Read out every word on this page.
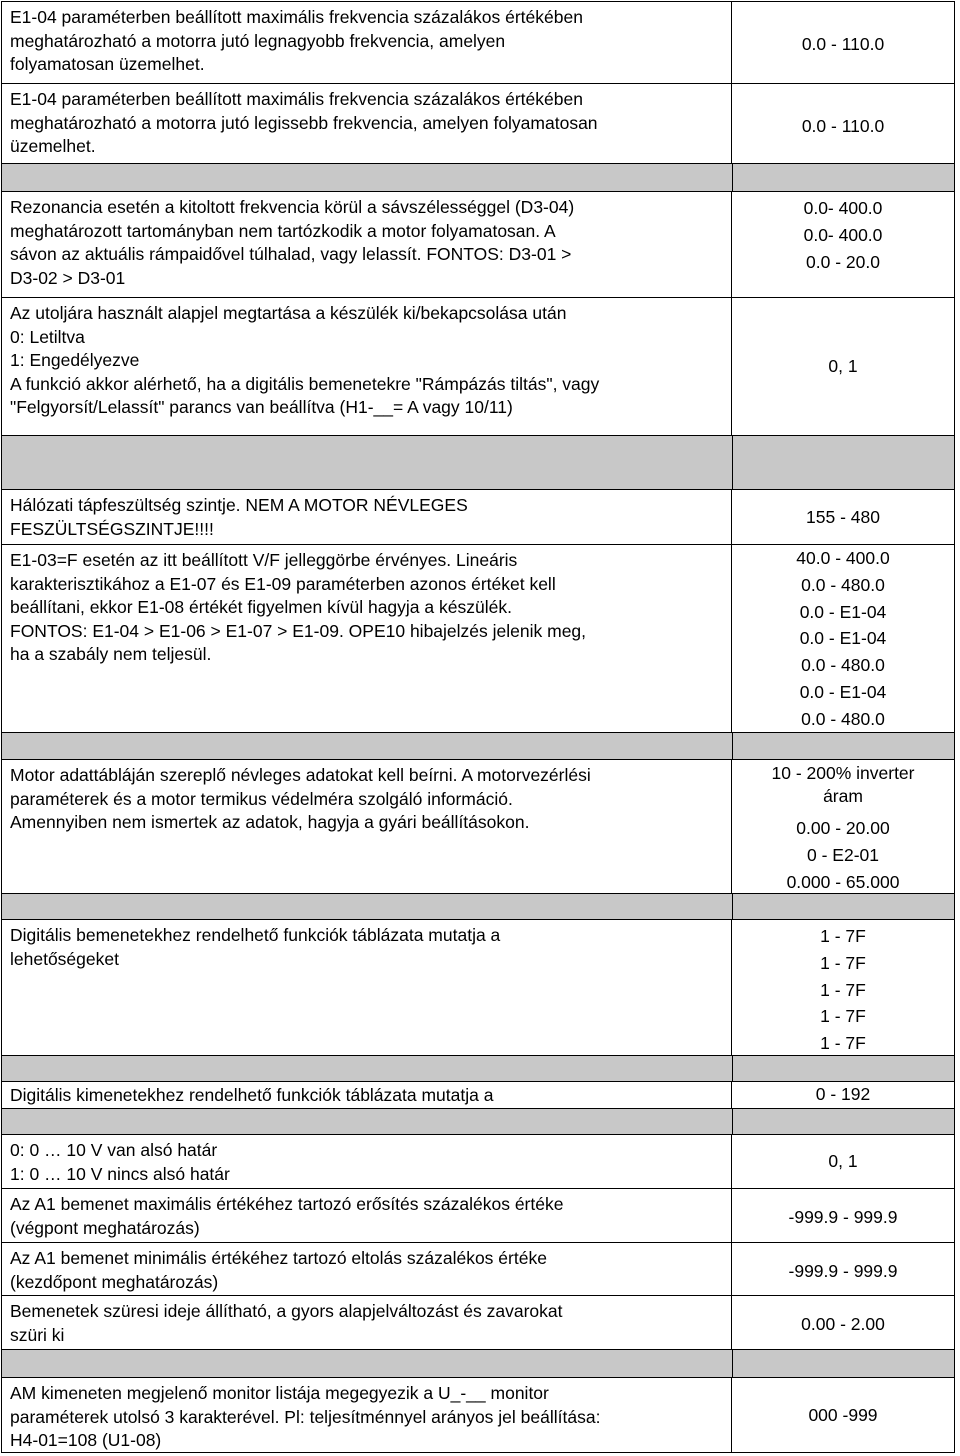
E1-04 paraméterben beállított maximális frekvencia százalákos értékében
meghatározható a motorra jutó legnagyobb frekvencia, amelyen
folyamatosan üzemelhet.
0.0 - 110.0
E1-04 paraméterben beállított maximális frekvencia százalákos értékében
meghatározható a motorra jutó legissebb frekvencia, amelyen folyamatosan
üzemelhet.
0.0 - 110.0
Rezonancia esetén a kitoltott frekvencia körül a sávszélességgel (D3-04)
meghatározott tartományban nem tartózkodik a motor folyamatosan. A
sávon az aktuális rámpaidővel túlhalad, vagy lelassít. FONTOS: D3-01 >
D3-02 > D3-01
0.0- 400.0
0.0- 400.0
0.0 - 20.0
Az utoljára használt alapjel megtartása a készülék ki/bekapcsolása után
0: Letiltva
1: Engedélyezve
A funkció akkor alérhető, ha a digitális bemenetekre "Rámpázás tiltás", vagy
"Felgyorsít/Lelassít" parancs van beállítva (H1-__= A vagy 10/11)
0, 1
Hálózati tápfeszültség szintje. NEM A MOTOR NÉVLEGES
FESZÜLTSÉGSZINTJE!!!!
155 - 480
E1-03=F esetén az itt beállított V/F jelleggörbe érvényes. Lineáris
karakterisztikához a E1-07 és E1-09 paraméterben azonos értéket kell
beállítani, ekkor E1-08 értékét figyelmen kívül hagyja a készülék.
FONTOS: E1-04 > E1-06 > E1-07 > E1-09. OPE10 hibajelzés jelenik meg,
ha a szabály nem teljesül.
40.0 - 400.0
0.0 - 480.0
0.0 - E1-04
0.0 - E1-04
0.0 - 480.0
0.0 - E1-04
0.0 - 480.0
Motor adattábláján szereplő névleges adatokat kell beírni. A motorvezérlési
paraméterek és a motor termikus védelméra szolgáló információ.
Amennyiben nem ismertek az adatok, hagyja a gyári beállításokon.
10 - 200% inverter
áram
0.00 - 20.00
0 - E2-01
0.000 - 65.000
Digitális bemenetekhez rendelhető funkciók táblázata mutatja a
lehetőségeket
1 - 7F
1 - 7F
1 - 7F
1 - 7F
1 - 7F
Digitális kimenetekhez rendelhető funkciók táblázata mutatja a	0 - 192
0: 0 … 10 V van alsó határ
1: 0 … 10 V nincs alsó határ
0, 1
Az A1 bemenet maximális értékéhez tartozó erősítés százalékos értéke
(végpont meghatározás)
-999.9 - 999.9
Az A1 bemenet minimális értékéhez tartozó eltolás százalékos értéke
(kezdőpont meghatározás)
-999.9 - 999.9
Bemenetek szüresi ideje állítható, a gyors alapjelváltozást és zavarokat
szüri ki
0.00 - 2.00
AM kimeneten megjelenő monitor listája megegyezik a U_-__ monitor
paraméterek utolsó 3 karakterével. Pl: teljesítménnyel arányos jel beállítása:
H4-01=108 (U1-08)
000 -999
